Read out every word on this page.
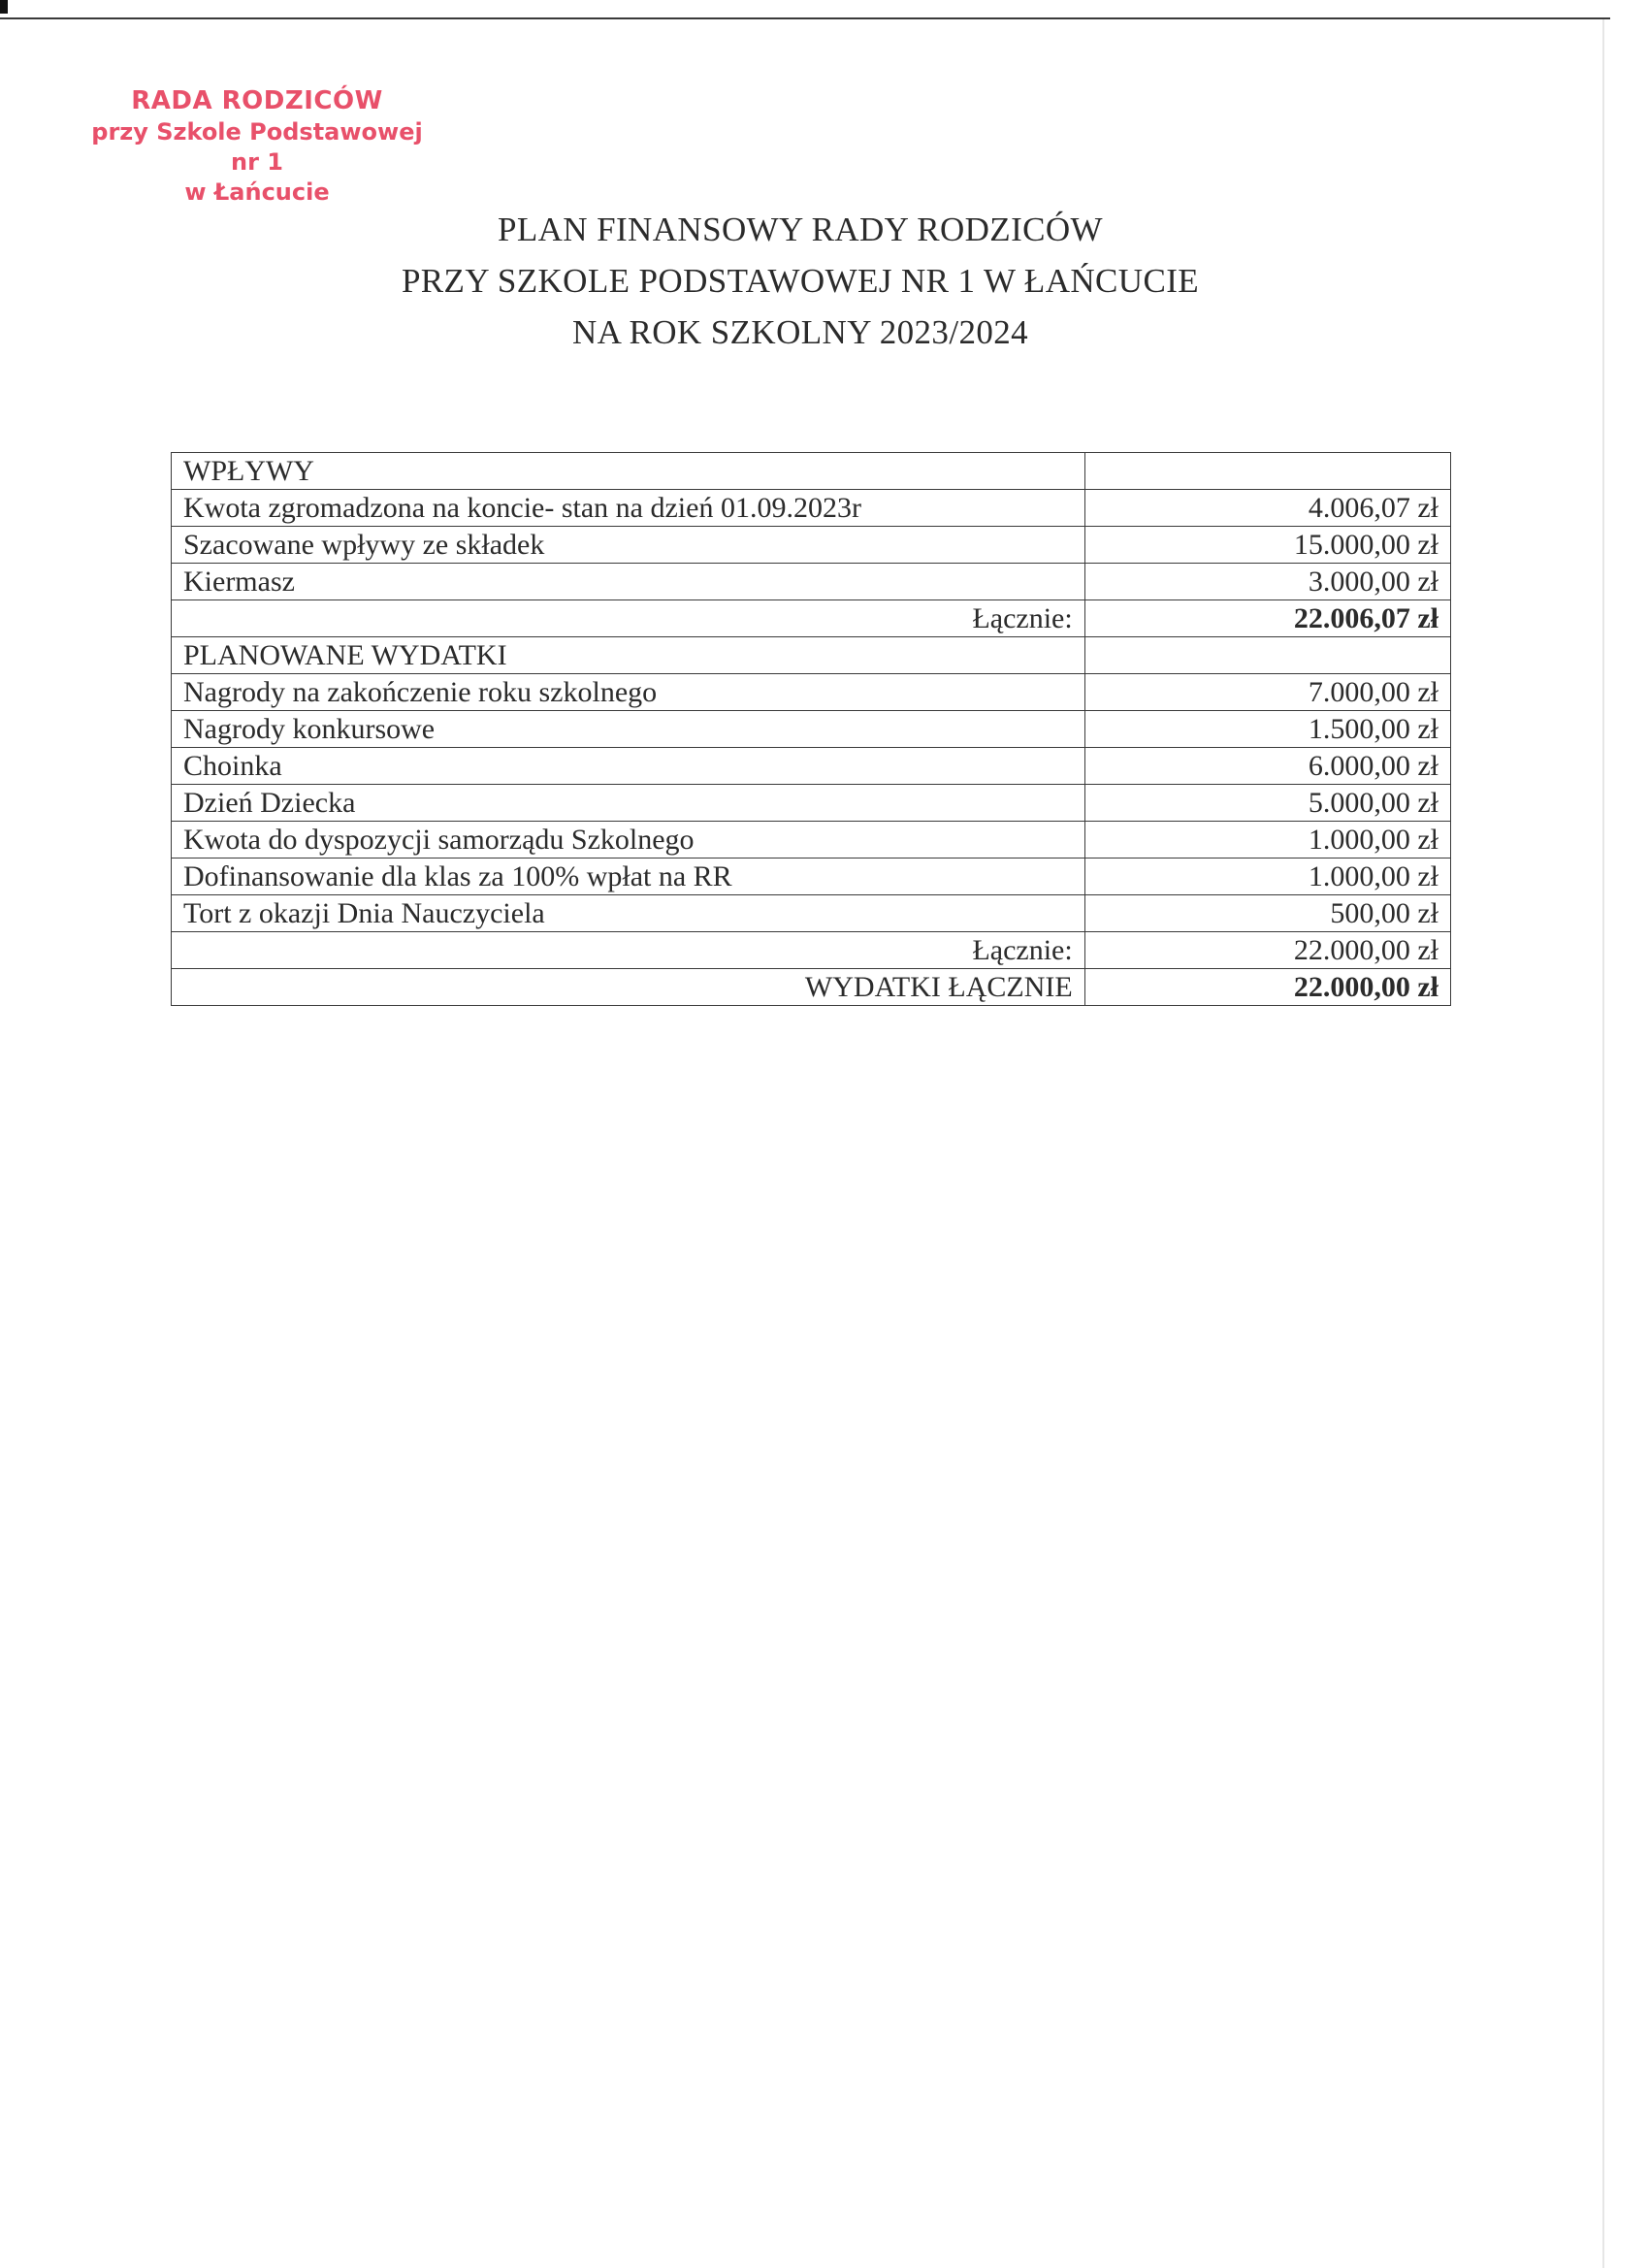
RADA RODZICÓW
przy Szkole Podstawowej nr 1
w Łańcucie
PLAN FINANSOWY RADY RODZICÓW
PRZY SZKOLE PODSTAWOWEJ NR 1 W ŁAŃCUCIE
NA ROK SZKOLNY 2023/2024
WPŁYWY	
Kwota zgromadzona na koncie- stan na dzień 01.09.2023r	4.006,07 zł
Szacowane wpływy ze składek	15.000,00 zł
Kiermasz	3.000,00 zł
Łącznie:	22.006,07 zł
PLANOWANE WYDATKI	
Nagrody na zakończenie roku szkolnego	7.000,00 zł
Nagrody konkursowe	1.500,00 zł
Choinka	6.000,00 zł
Dzień Dziecka	5.000,00 zł
Kwota do dyspozycji samorządu Szkolnego	1.000,00 zł
Dofinansowanie dla klas za 100% wpłat na RR	1.000,00 zł
Tort z okazji Dnia Nauczyciela	500,00 zł
Łącznie:	22.000,00 zł
WYDATKI ŁĄCZNIE	22.000,00 zł
